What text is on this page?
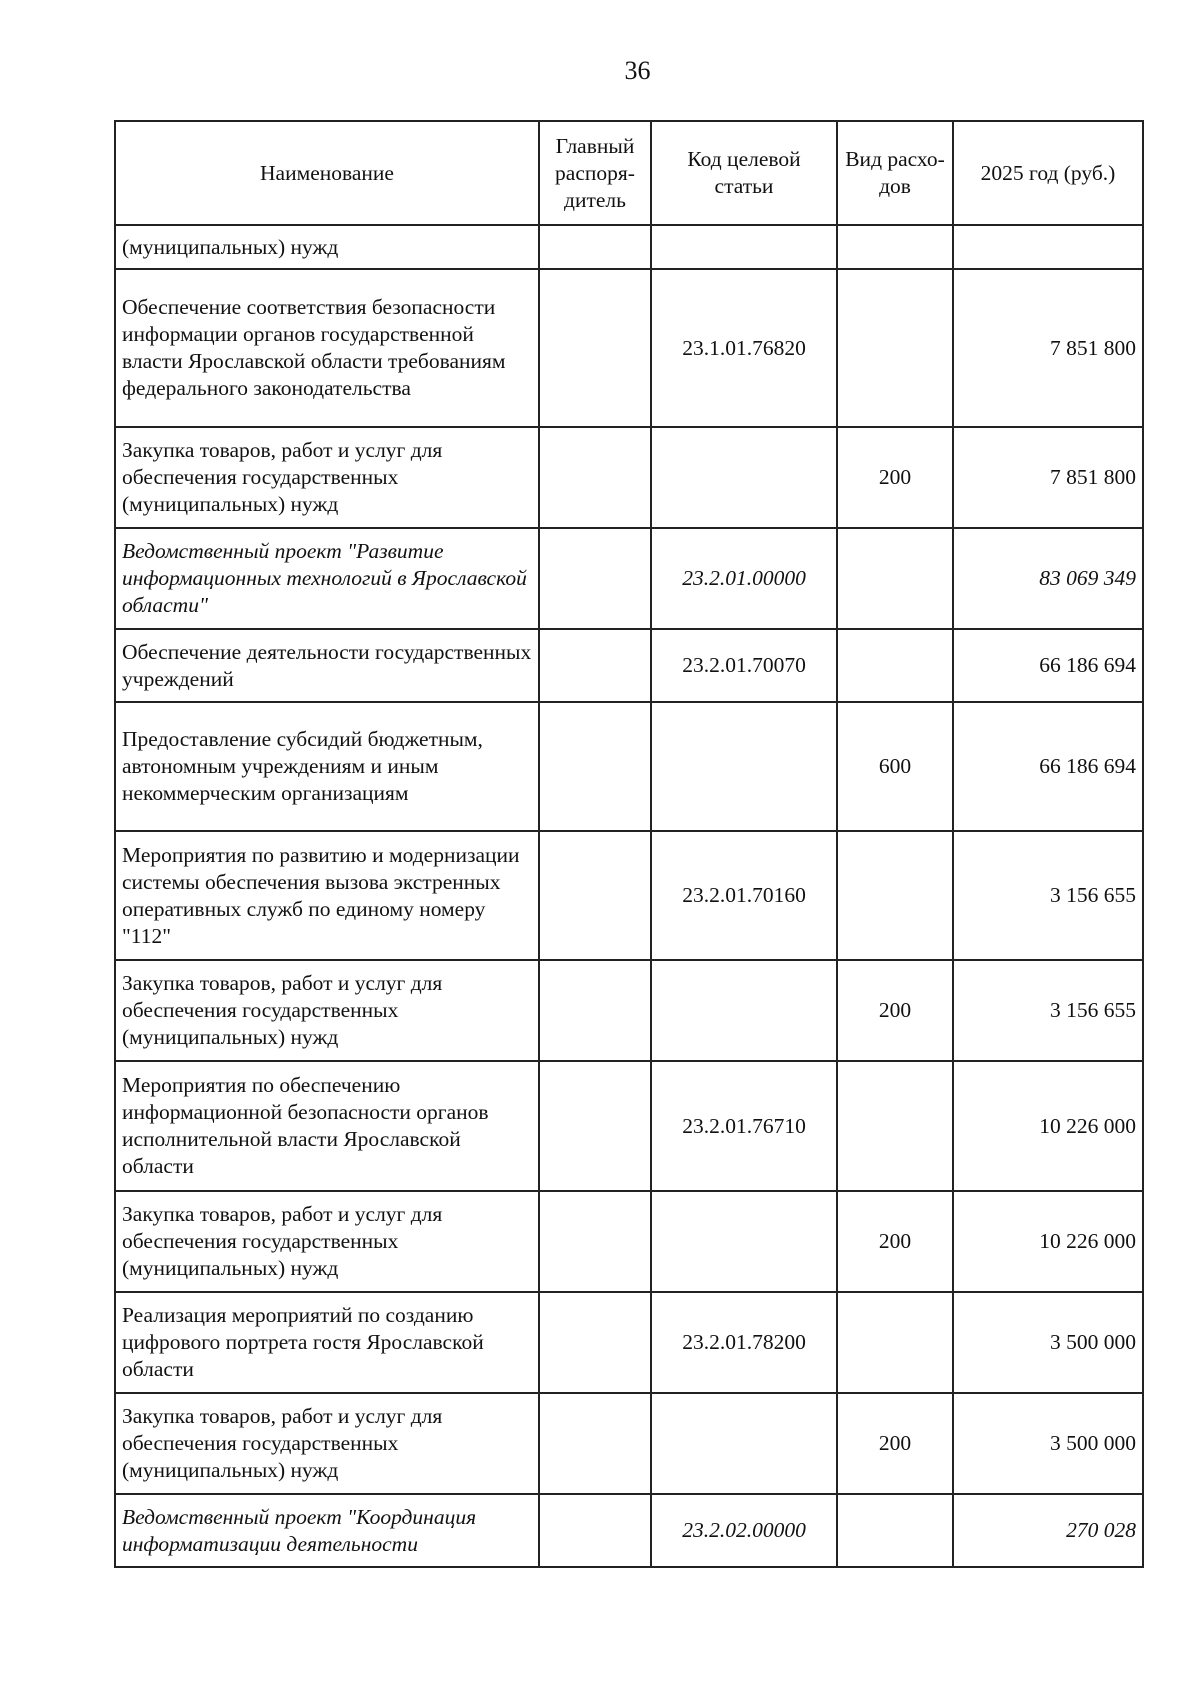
36
Наименование	Главный распоря-дитель	Код целевой статьи	Вид расхо-дов	2025 год (руб.)
(муниципальных) нужд				
Обеспечение соответствия безопасности информации органов государственной власти Ярославской области требованиям федерального законодательства		23.1.01.76820		7 851 800
Закупка товаров, работ и услуг для обеспечения государственных (муниципальных) нужд			200	7 851 800
Ведомственный проект "Развитие информационных технологий в Ярославской области"		23.2.01.00000		83 069 349
Обеспечение деятельности государственных учреждений		23.2.01.70070		66 186 694
Предоставление субсидий бюджетным, автономным учреждениям и иным некоммерческим организациям			600	66 186 694
Мероприятия по развитию и модернизации системы обеспечения вызова экстренных оперативных служб по единому номеру "112"		23.2.01.70160		3 156 655
Закупка товаров, работ и услуг для обеспечения государственных (муниципальных) нужд			200	3 156 655
Мероприятия по обеспечению информационной безопасности органов исполнительной власти Ярославской области		23.2.01.76710		10 226 000
Закупка товаров, работ и услуг для обеспечения государственных (муниципальных) нужд			200	10 226 000
Реализация мероприятий по созданию цифрового портрета гостя Ярославской области		23.2.01.78200		3 500 000
Закупка товаров, работ и услуг для обеспечения государственных (муниципальных) нужд			200	3 500 000
Ведомственный проект "Координация информатизации деятельности		23.2.02.00000		270 028
